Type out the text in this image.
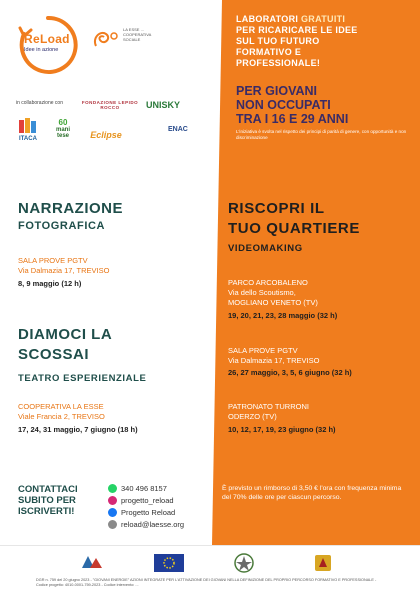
ReLoad
Idee in azione
LA ESSE ... COOPERATIVA SOCIALE
in collaborazione con	FONDAZIONE LEPIDO ROCCO	UNISKY
ITACA
60
mani tese	Eclipse
ENAC
LABORATORI GRATUITI
PER RICARICARE LE IDEE
SUL TUO FUTURO
FORMATIVO E
PROFESSIONALE!
PER GIOVANI
NON OCCUPATI
TRA I 16 E 29 ANNI
L'iniziativa è svolta nel rispetto dei principi di parità di genere, con opportunità e non discriminazione
NARRAZIONE
FOTOGRAFICA
SALA PROVE PGTV
Via Dalmazia 17, TREVISO
8, 9 maggio (12 h)
DIAMOCI LA
SCOSSAI
TEATRO ESPERIENZIALE
COOPERATIVA LA ESSE
Viale Francia 2, TREVISO
17, 24, 31 maggio, 7 giugno (18 h)
RISCOPRI IL
TUO QUARTIERE
VIDEOMAKING
PARCO ARCOBALENO
Via dello Scoutismo,
MOGLIANO VENETO (TV)
19, 20, 21, 23, 28 maggio (32 h)
SALA PROVE PGTV
Via Dalmazia 17, TREVISO
26, 27 maggio, 3, 5, 6 giugno (32 h)
PATRONATO TURRONI
ODERZO (TV)
10, 12, 17, 19, 23 giugno (32 h)
CONTATTACI
SUBITO PER
ISCRIVERTI!
340 496 8157
progetto_reload
Progetto Reload
reload@laesse.org
È previsto un rimborso di 3,50 € l'ora con frequenza minima del 70% delle ore per ciascun percorso.
DGR n. 759 del 20 giugno 2023 - "GIOVANI ENERGIE" AZIONI INTEGRATE PER L'ATTIVAZIONE DEI GIOVANI NELLA DEFINIZIONE DEL PROPRIO PERCORSO FORMATIVO E PROFESSIONALE - Codice progetto: 4010-0001-759-2023 - Codice intervento: ...
